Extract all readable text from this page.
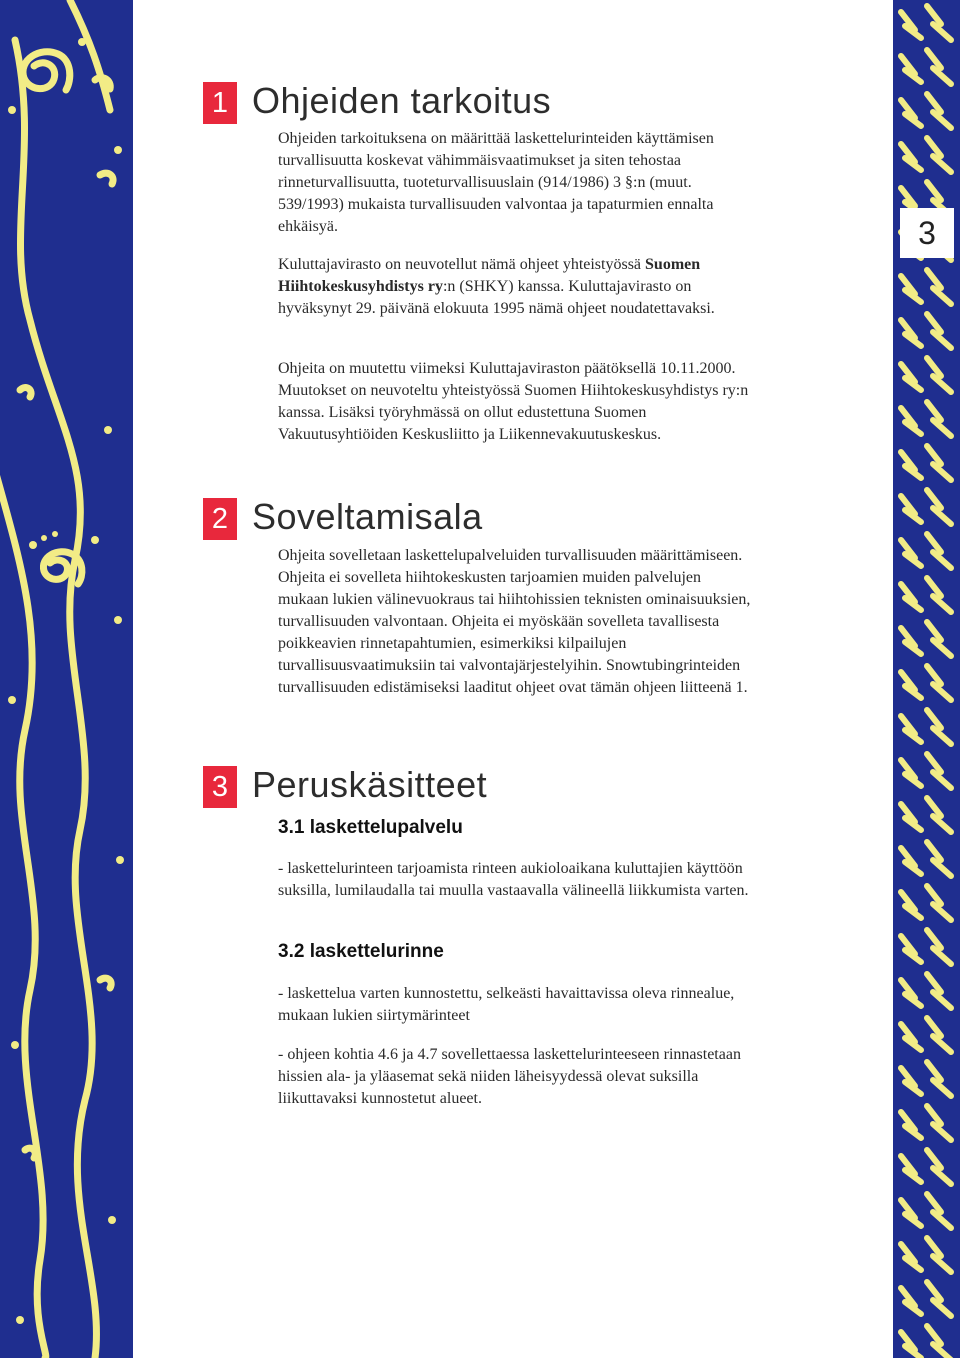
3
1 Ohjeiden tarkoitus

Ohjeiden tarkoituksena on määrittää laskettelurinteiden käyttämisen turvallisuutta koskevat vähimmäisvaatimukset ja siten tehostaa rinneturvallisuutta, tuoteturvallisuuslain (914/1986) 3 §:n (muut. 539/1993) mukaista turvallisuuden valvontaa ja tapaturmien ennalta ehkäisyä.

Kuluttajavirasto on neuvotellut nämä ohjeet yhteistyössä Suomen Hiihtokeskusyhdistys ry:n (SHKY) kanssa. Kuluttajavirasto on hyväksynyt 29. päivänä elokuuta 1995 nämä ohjeet noudatettavaksi.

Ohjeita on muutettu viimeksi Kuluttajaviraston päätöksellä 10.11.2000. Muutokset on neuvoteltu yhteistyössä Suomen Hiihtokeskusyhdistys ry:n kanssa. Lisäksi työryhmässä on ollut edustettuna Suomen Vakuutusyhtiöiden Keskusliitto ja Liikennevakuutuskeskus.

2 Soveltamisala

Ohjeita sovelletaan laskettelupalveluiden turvallisuuden määrittämiseen. Ohjeita ei sovelleta hiihtokeskusten tarjoamien muiden palvelujen mukaan lukien välinevuokraus tai hiihtohissien teknisten ominaisuuksien, turvallisuuden valvontaan. Ohjeita ei myöskään sovelleta tavallisesta poikkeavien rinnetapahtumien, esimerkiksi kilpailujen turvallisuusvaatimuksiin tai valvontajärjestelyihin. Snowtubingrinteiden turvallisuuden edistämiseksi laaditut ohjeet ovat tämän ohjeen liitteenä 1.

3 Peruskäsitteet
3.1 laskettelupalvelu

- laskettelurinteen tarjoamista rinteen aukioloaikana kuluttajien käyttöön suksilla, lumilaudalla tai muulla vastaavalla välineellä liikkumista varten.

3.2 laskettelurinne

- laskettelua varten kunnostettu, selkeästi havaittavissa oleva rinnealue, mukaan lukien siirtymärinteet

- ohjeen kohtia 4.6 ja 4.7 sovellettaessa laskettelurinteeseen rinnastetaan hissien ala- ja yläasemat sekä niiden läheisyydessä olevat suksilla liikuttavaksi kunnostetut alueet.
